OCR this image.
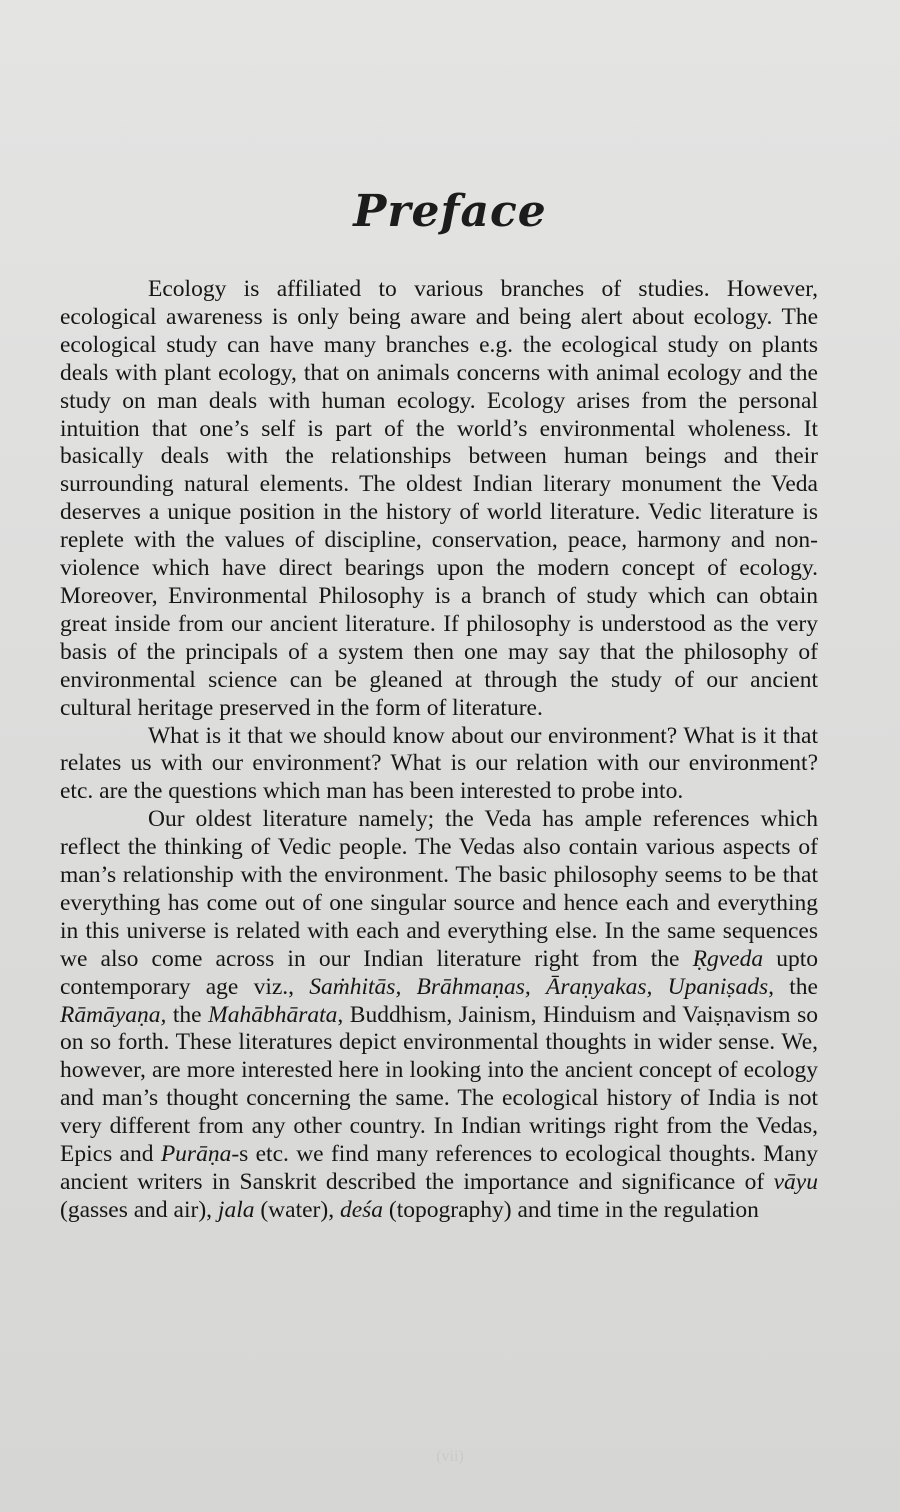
Preface

Ecology is affiliated to various branches of studies. However, ecological awareness is only being aware and being alert about ecology. The ecological study can have many branches e.g. the ecological study on plants deals with plant ecology, that on animals concerns with animal ecology and the study on man deals with human ecology. Ecology arises from the personal intuition that one’s self is part of the world’s environmental wholeness. It basically deals with the relationships between human beings and their surrounding natural elements. The oldest Indian literary monument the Veda deserves a unique position in the history of world literature. Vedic literature is replete with the values of discipline, conservation, peace, harmony and non-violence which have direct bearings upon the modern concept of ecology. Moreover, Environmental Philosophy is a branch of study which can obtain great inside from our ancient literature. If philosophy is understood as the very basis of the principals of a system then one may say that the philosophy of environmental science can be gleaned at through the study of our ancient cultural heritage preserved in the form of literature.

What is it that we should know about our environment? What is it that relates us with our environment? What is our relation with our environment? etc. are the questions which man has been interested to probe into.

Our oldest literature namely; the Veda has ample references which reflect the thinking of Vedic people. The Vedas also contain various aspects of man’s relationship with the environment. The basic philosophy seems to be that everything has come out of one singular source and hence each and everything in this universe is related with each and everything else. In the same sequences we also come across in our Indian literature right from the Ṛgveda upto contemporary age viz., Saṁhitās, Brāhmaṇas, Āraṇyakas, Upaniṣads, the Rāmāyaṇa, the Mahābhārata, Buddhism, Jainism, Hinduism and Vaiṣṇavism so on so forth. These literatures depict environmental thoughts in wider sense. We, however, are more interested here in looking into the ancient concept of ecology and man’s thought concerning the same. The ecological history of India is not very different from any other country. In Indian writings right from the Vedas, Epics and Purāṇa-s etc. we find many references to ecological thoughts. Many ancient writers in Sanskrit described the importance and significance of vāyu (gasses and air), jala (water), deśa (topography) and time in the regulation

(vii)
